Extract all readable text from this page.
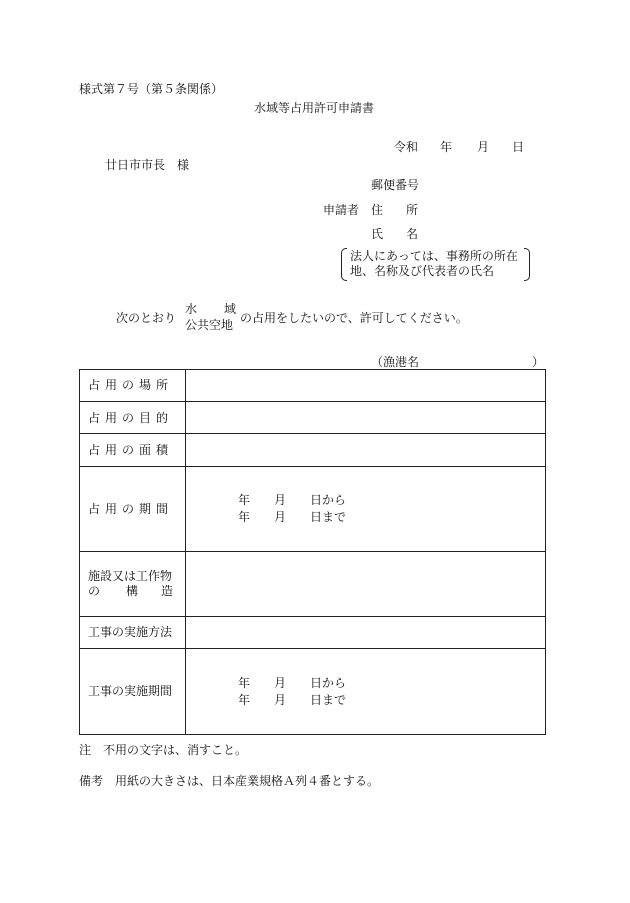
様式第７号（第５条関係）
水域等占用許可申請書
令和 年 月 日
廿日市市長　様
郵便番号
申請者 住 所
氏 名
法人にあっては、事務所の所在
地、名称及び代表者の氏名
次のとおり
水 域
公共空地 の占用をしたいので、許可してください。
（漁港名	）
占用の場所	
占用の目的	
占用の面積	
占用の期間	年　　月　　日から
年　　月　　日まで

施設又は工作物
の 構 造	

工事の実施方法	
工事の実施期間	年　　月　　日から
年　　月　　日まで
注　不用の文字は、消すこと。
備考　用紙の大きさは、日本産業規格Ａ列４番とする。
